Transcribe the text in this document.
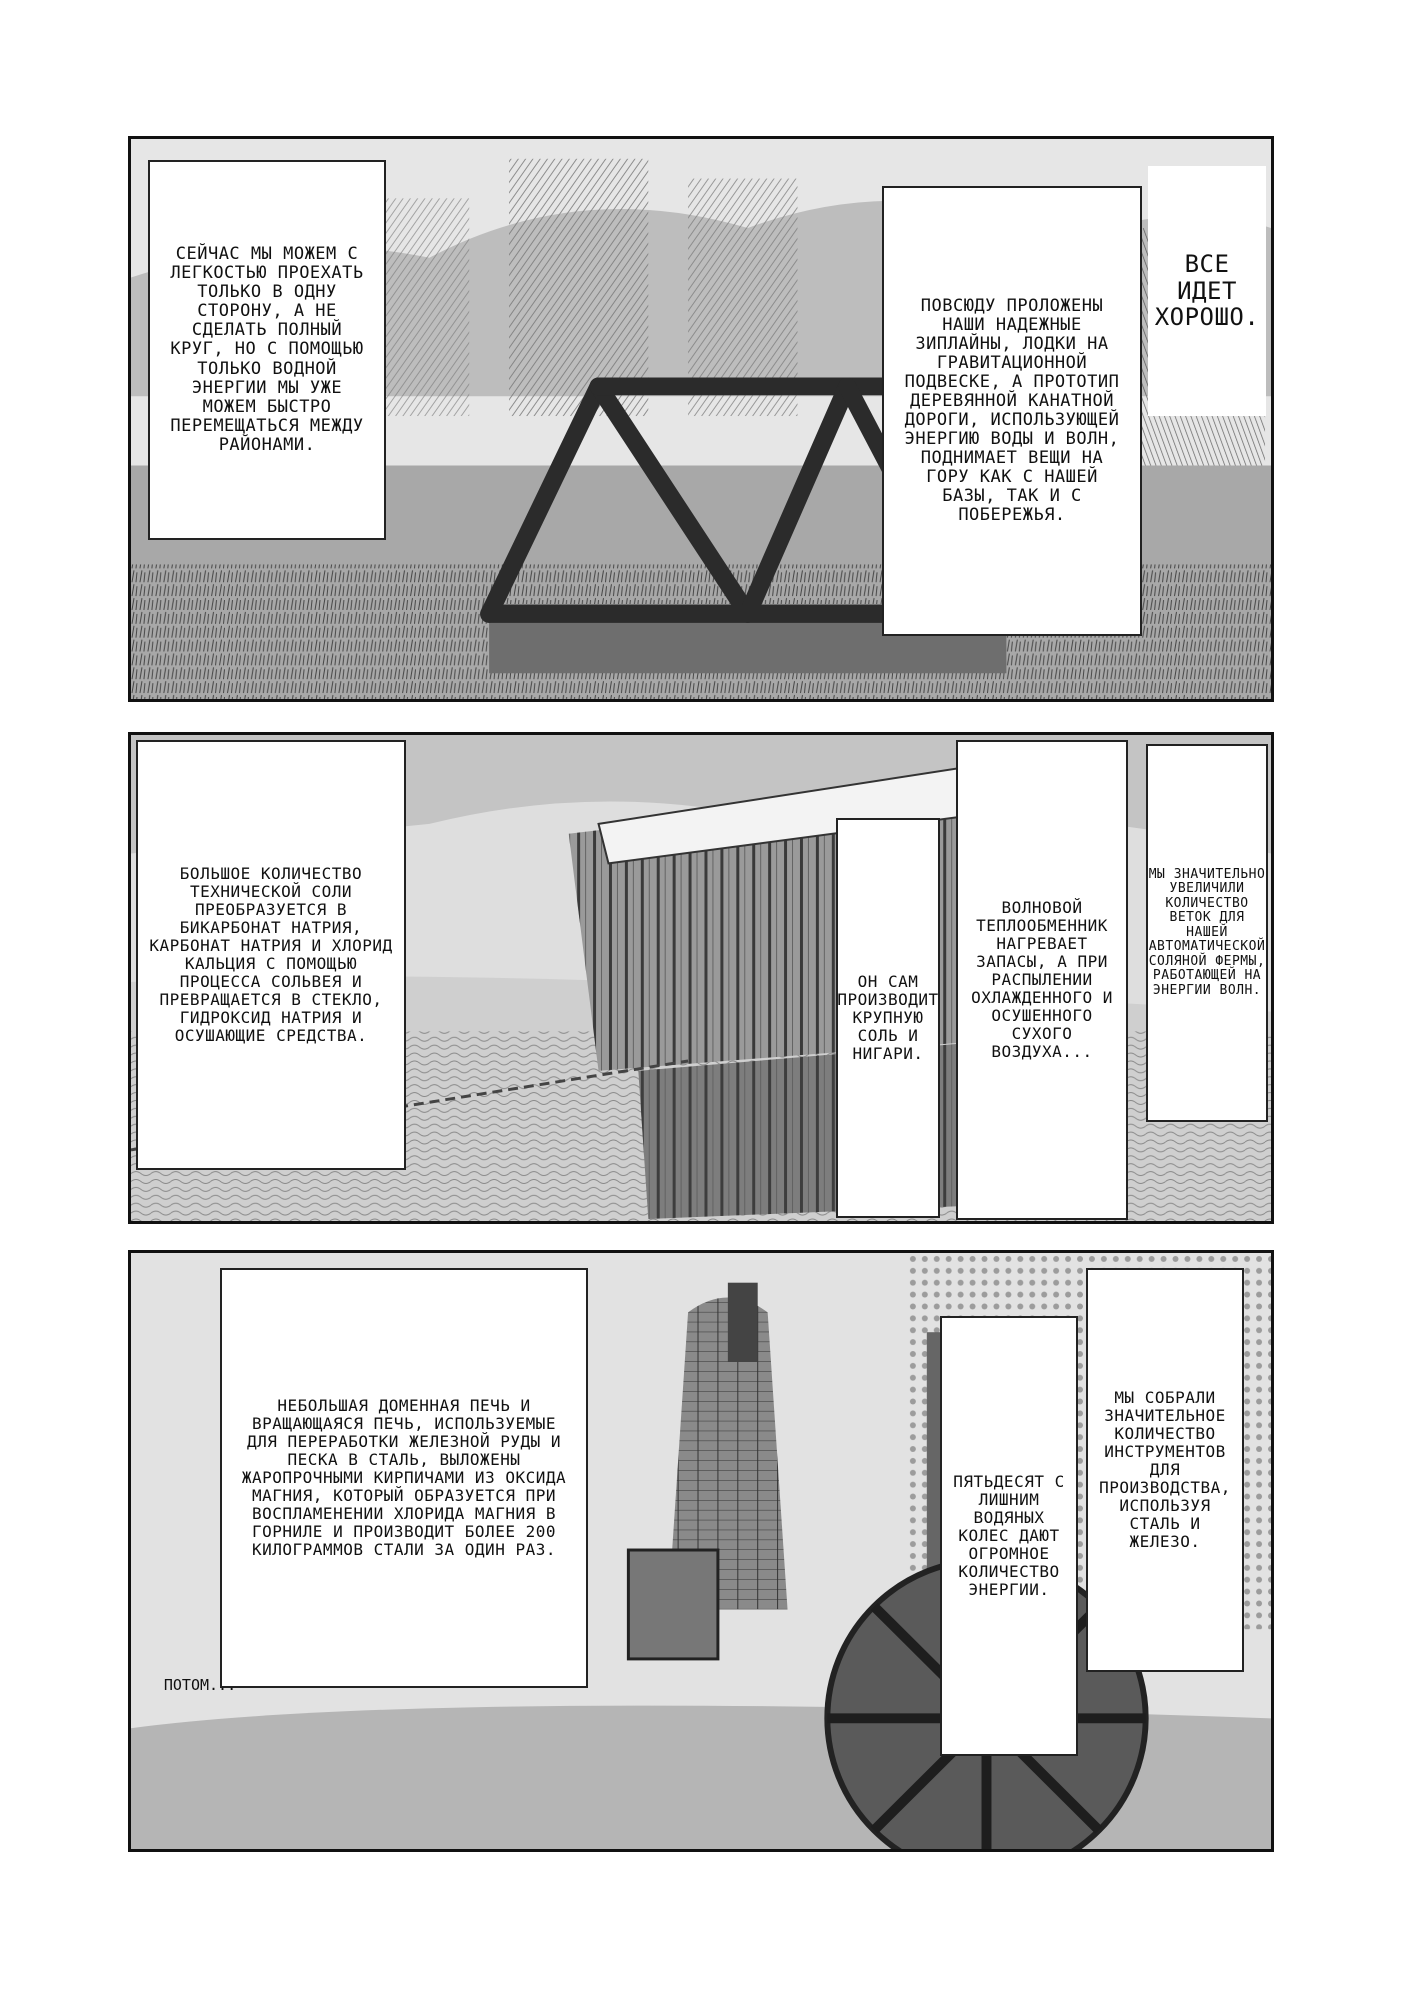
СЕЙЧАС МЫ МОЖЕМ С ЛЕГКОСТЬЮ ПРОЕХАТЬ ТОЛЬКО В ОДНУ СТОРОНУ, А НЕ СДЕЛАТЬ ПОЛНЫЙ КРУГ, НО С ПОМОЩЬЮ ТОЛЬКО ВОДНОЙ ЭНЕРГИИ МЫ УЖЕ МОЖЕМ БЫСТРО ПЕРЕМЕЩАТЬСЯ МЕЖДУ РАЙОНАМИ.
ПОВСЮДУ ПРОЛОЖЕНЫ НАШИ НАДЕЖНЫЕ ЗИПЛАЙНЫ, ЛОДКИ НА ГРАВИТАЦИОННОЙ ПОДВЕСКЕ, А ПРОТОТИП ДЕРЕВЯННОЙ КАНАТНОЙ ДОРОГИ, ИСПОЛЬЗУЮЩЕЙ ЭНЕРГИЮ ВОДЫ И ВОЛН, ПОДНИМАЕТ ВЕЩИ НА ГОРУ КАК С НАШЕЙ БАЗЫ, ТАК И С ПОБЕРЕЖЬЯ.
ВСЕ ИДЕТ ХОРОШО.
БОЛЬШОЕ КОЛИЧЕСТВО ТЕХНИЧЕСКОЙ СОЛИ ПРЕОБРАЗУЕТСЯ В БИКАРБОНАТ НАТРИЯ, КАРБОНАТ НАТРИЯ И ХЛОРИД КАЛЬЦИЯ С ПОМОЩЬЮ ПРОЦЕССА СОЛЬВЕЯ И ПРЕВРАЩАЕТСЯ В СТЕКЛО, ГИДРОКСИД НАТРИЯ И ОСУШАЮЩИЕ СРЕДСТВА.
ОН САМ ПРОИЗВОДИТ КРУПНУЮ СОЛЬ И НИГАРИ.
ВОЛНОВОЙ ТЕПЛООБМЕННИК НАГРЕВАЕТ ЗАПАСЫ, А ПРИ РАСПЫЛЕНИИ ОХЛАЖДЕННОГО И ОСУШЕННОГО СУХОГО ВОЗДУХА...
МЫ ЗНАЧИТЕЛЬНО УВЕЛИЧИЛИ КОЛИЧЕСТВО ВЕТОК ДЛЯ НАШЕЙ АВТОМАТИЧЕСКОЙ СОЛЯНОЙ ФЕРМЫ, РАБОТАЮЩЕЙ НА ЭНЕРГИИ ВОЛН.
НЕБОЛЬШАЯ ДОМЕННАЯ ПЕЧЬ И ВРАЩАЮЩАЯСЯ ПЕЧЬ, ИСПОЛЬЗУЕМЫЕ ДЛЯ ПЕРЕРАБОТКИ ЖЕЛЕЗНОЙ РУДЫ И ПЕСКА В СТАЛЬ, ВЫЛОЖЕНЫ ЖАРОПРОЧНЫМИ КИРПИЧАМИ ИЗ ОКСИДА МАГНИЯ, КОТОРЫЙ ОБРАЗУЕТСЯ ПРИ ВОСПЛАМЕНЕНИИ ХЛОРИДА МАГНИЯ В ГОРНИЛЕ И ПРОИЗВОДИТ БОЛЕЕ 200 КИЛОГРАММОВ СТАЛИ ЗА ОДИН РАЗ.
ПОТОМ...
ПЯТЬДЕСЯТ С ЛИШНИМ ВОДЯНЫХ КОЛЕС ДАЮТ ОГРОМНОЕ КОЛИЧЕСТВО ЭНЕРГИИ.
МЫ СОБРАЛИ ЗНАЧИТЕЛЬНОЕ КОЛИЧЕСТВО ИНСТРУМЕНТОВ ДЛЯ ПРОИЗВОДСТВА, ИСПОЛЬЗУЯ СТАЛЬ И ЖЕЛЕЗО.
